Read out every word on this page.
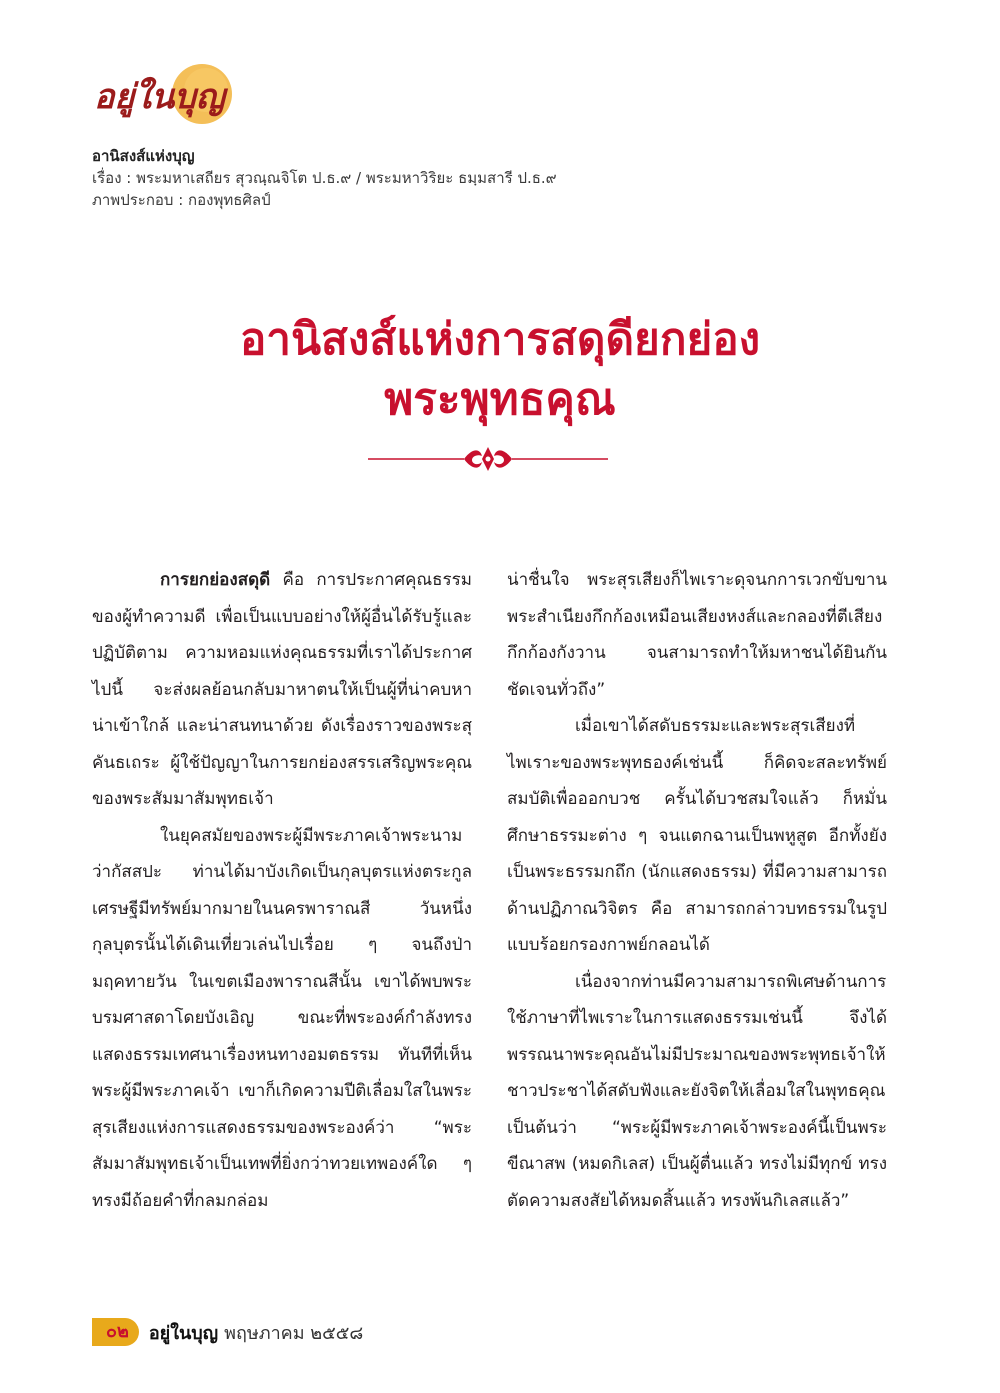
อยู่ในบุญ
อานิสงส์แห่งบุญ
เรื่อง : พระมหาเสถียร สุวณฺณจิโต ป.ธ.๙ / พระมหาวิริยะ ธมฺมสารี ป.ธ.๙
ภาพประกอบ : กองพุทธศิลป์
อานิสงส์แห่งการสดุดียกย่อง
พระพุทธคุณ

การยกย่องสดุดี คือ การประกาศคุณธรรมของผู้ทำความดี เพื่อเป็นแบบอย่างให้ผู้อื่นได้รับรู้และปฏิบัติตาม ความหอมแห่งคุณธรรมที่เราได้ประกาศไปนี้ จะส่งผลย้อนกลับมาหาตนให้เป็นผู้ที่น่าคบหา น่าเข้าใกล้ และน่าสนทนาด้วย ดังเรื่องราวของพระสุคันธเถระ ผู้ใช้ปัญญาในการยกย่องสรรเสริญพระคุณของพระสัมมาสัมพุทธเจ้า

ในยุคสมัยของพระผู้มีพระภาคเจ้าพระนามว่ากัสสปะ ท่านได้มาบังเกิดเป็นกุลบุตรแห่งตระกูลเศรษฐีมีทรัพย์มากมายในนครพาราณสี วันหนึ่งกุลบุตรนั้นได้เดินเที่ยวเล่นไปเรื่อย ๆ จนถึงป่ามฤคทายวัน ในเขตเมืองพาราณสีนั้น เขาได้พบพระบรมศาสดาโดยบังเอิญ ขณะที่พระองค์กำลังทรงแสดงธรรมเทศนาเรื่องหนทางอมตธรรม ทันทีที่เห็นพระผู้มีพระภาคเจ้า เขาก็เกิดความปีติเลื่อมใสในพระสุรเสียงแห่งการแสดงธรรมของพระองค์ว่า “พระสัมมาสัมพุทธเจ้าเป็นเทพที่ยิ่งกว่าทวยเทพองค์ใด ๆ ทรงมีถ้อยคำที่กลมกล่อม

น่าชื่นใจ พระสุรเสียงก็ไพเราะดุจนกการเวกขับขาน พระสำเนียงกึกก้องเหมือนเสียงหงส์และกลองที่ตีเสียงกึกก้องกังวาน จนสามารถทำให้มหาชนได้ยินกันชัดเจนทั่วถึง”

เมื่อเขาได้สดับธรรมะและพระสุรเสียงที่ไพเราะของพระพุทธองค์เช่นนี้ ก็คิดจะสละทรัพย์สมบัติเพื่อออกบวช ครั้นได้บวชสมใจแล้ว ก็หมั่นศึกษาธรรมะต่าง ๆ จนแตกฉานเป็นพหูสูต อีกทั้งยังเป็นพระธรรมกถึก (นักแสดงธรรม) ที่มีความสามารถด้านปฏิภาณวิจิตร คือ สามารถกล่าวบทธรรมในรูปแบบร้อยกรองกาพย์กลอนได้

เนื่องจากท่านมีความสามารถพิเศษด้านการใช้ภาษาที่ไพเราะในการแสดงธรรมเช่นนี้ จึงได้พรรณนาพระคุณอันไม่มีประมาณของพระพุทธเจ้าให้ชาวประชาได้สดับฟังและยังจิตให้เลื่อมใสในพุทธคุณ เป็นต้นว่า “พระผู้มีพระภาคเจ้าพระองค์นี้เป็นพระขีณาสพ (หมดกิเลส) เป็นผู้ตื่นแล้ว ทรงไม่มีทุกข์ ทรงตัดความสงสัยได้หมดสิ้นแล้ว ทรงพ้นกิเลสแล้ว”

๐๒	อยู่ในบุญ พฤษภาคม ๒๕๕๘
